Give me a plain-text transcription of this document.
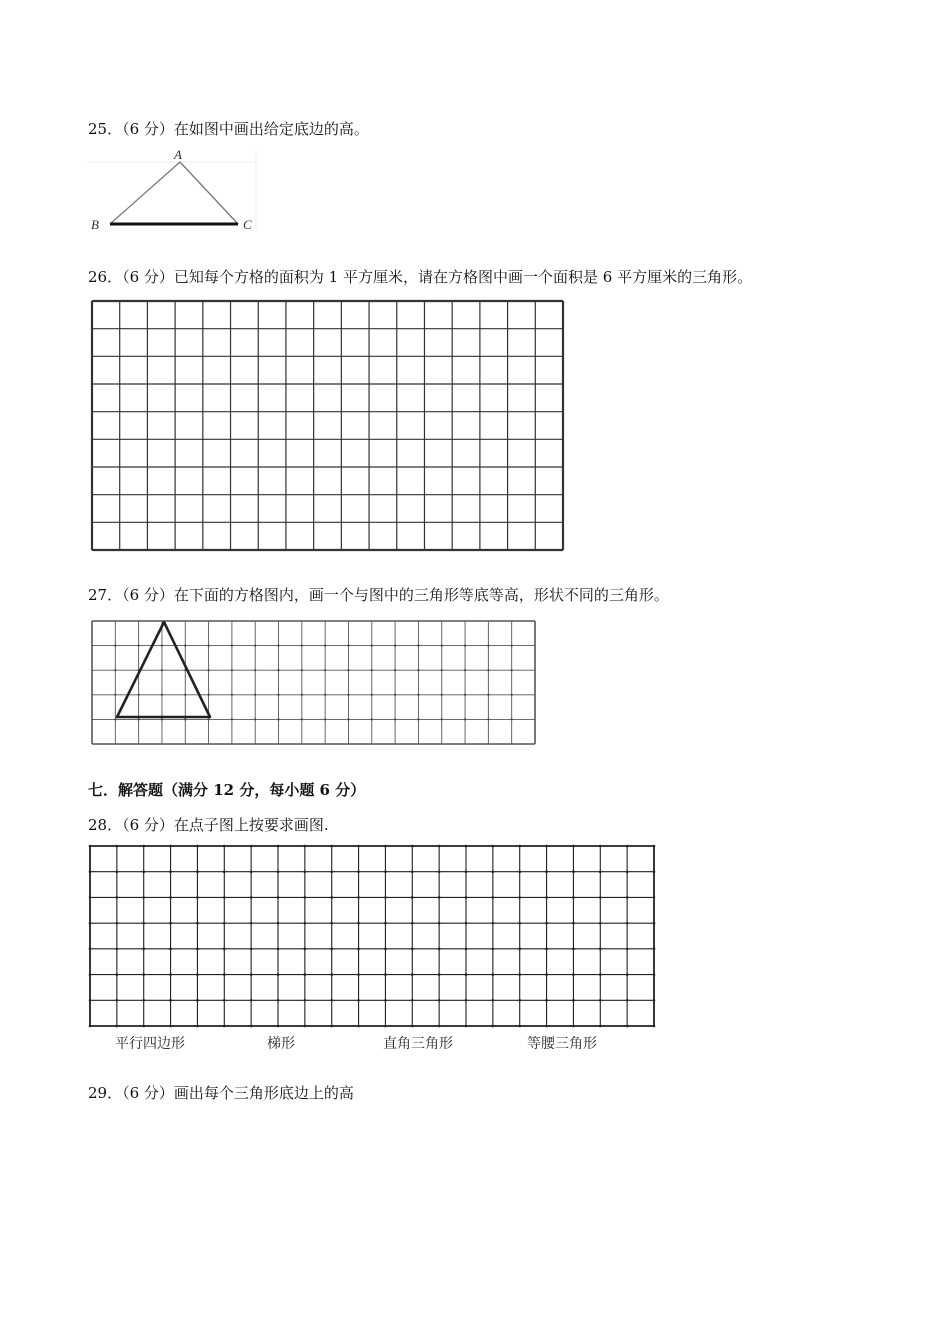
25．（6 分）在如图中画出给定底边的高。
A
B	C
26．（6 分）已知每个方格的面积为 1 平方厘米，请在方格图中画一个面积是 6 平方厘米的三角形。
27．（6 分）在下面的方格图内，画一个与图中的三角形等底等高，形状不同的三角形。
七．解答题（满分 12 分，每小题 6 分）
28．（6 分）在点子图上按要求画图.
平行四边形	梯形	直角三角形	等腰三角形
29．（6 分）画出每个三角形底边上的高
